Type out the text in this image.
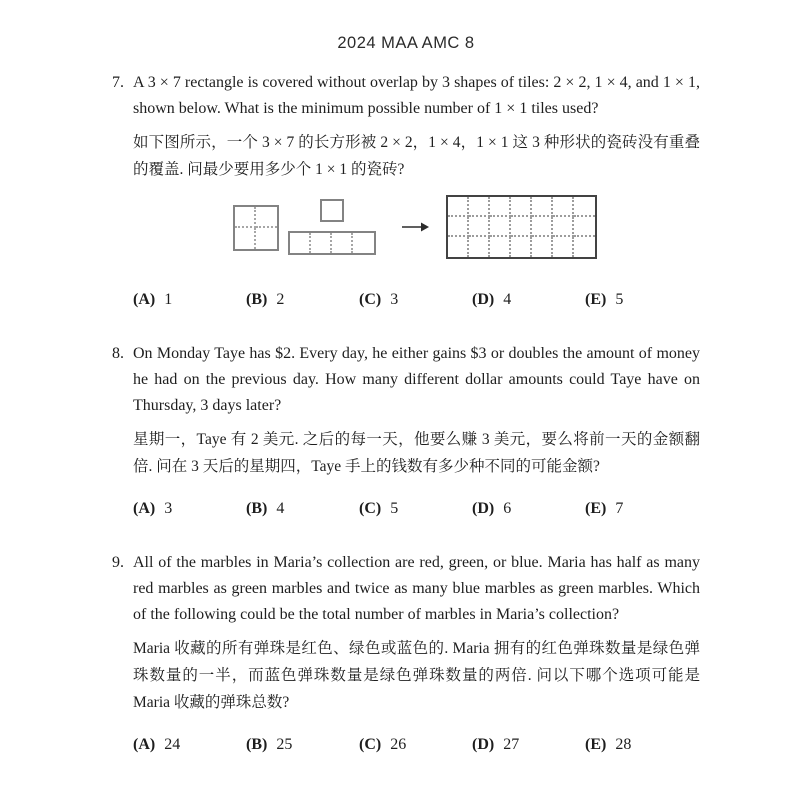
2024 MAA AMC 8
7. A 3 × 7 rectangle is covered without overlap by 3 shapes of tiles: 2 × 2, 1 × 4, and 1 × 1, shown below. What is the minimum possible number of 1 × 1 tiles used?

如下图所示，一个 3 × 7 的长方形被 2 × 2，1 × 4，1 × 1 这 3 种形状的瓷砖没有重叠的覆盖. 问最少要用多少个 1 × 1 的瓷砖?

(A) 1	(B) 2	(C) 3	(D) 4	(E) 5
8. On Monday Taye has $2. Every day, he either gains $3 or doubles the amount of money he had on the previous day. How many different dollar amounts could Taye have on Thursday, 3 days later?

星期一，Taye 有 2 美元. 之后的每一天，他要么赚 3 美元，要么将前一天的金额翻倍. 问在 3 天后的星期四，Taye 手上的钱数有多少种不同的可能金额?

(A) 3	(B) 4	(C) 5	(D) 6	(E) 7
9. All of the marbles in Maria’s collection are red, green, or blue. Maria has half as many red marbles as green marbles and twice as many blue marbles as green marbles. Which of the following could be the total number of marbles in Maria’s collection?

Maria 收藏的所有弹珠是红色、绿色或蓝色的. Maria 拥有的红色弹珠数量是绿色弹珠数量的一半，而蓝色弹珠数量是绿色弹珠数量的两倍. 问以下哪个选项可能是 Maria 收藏的弹珠总数?

(A) 24	(B) 25	(C) 26	(D) 27	(E) 28
